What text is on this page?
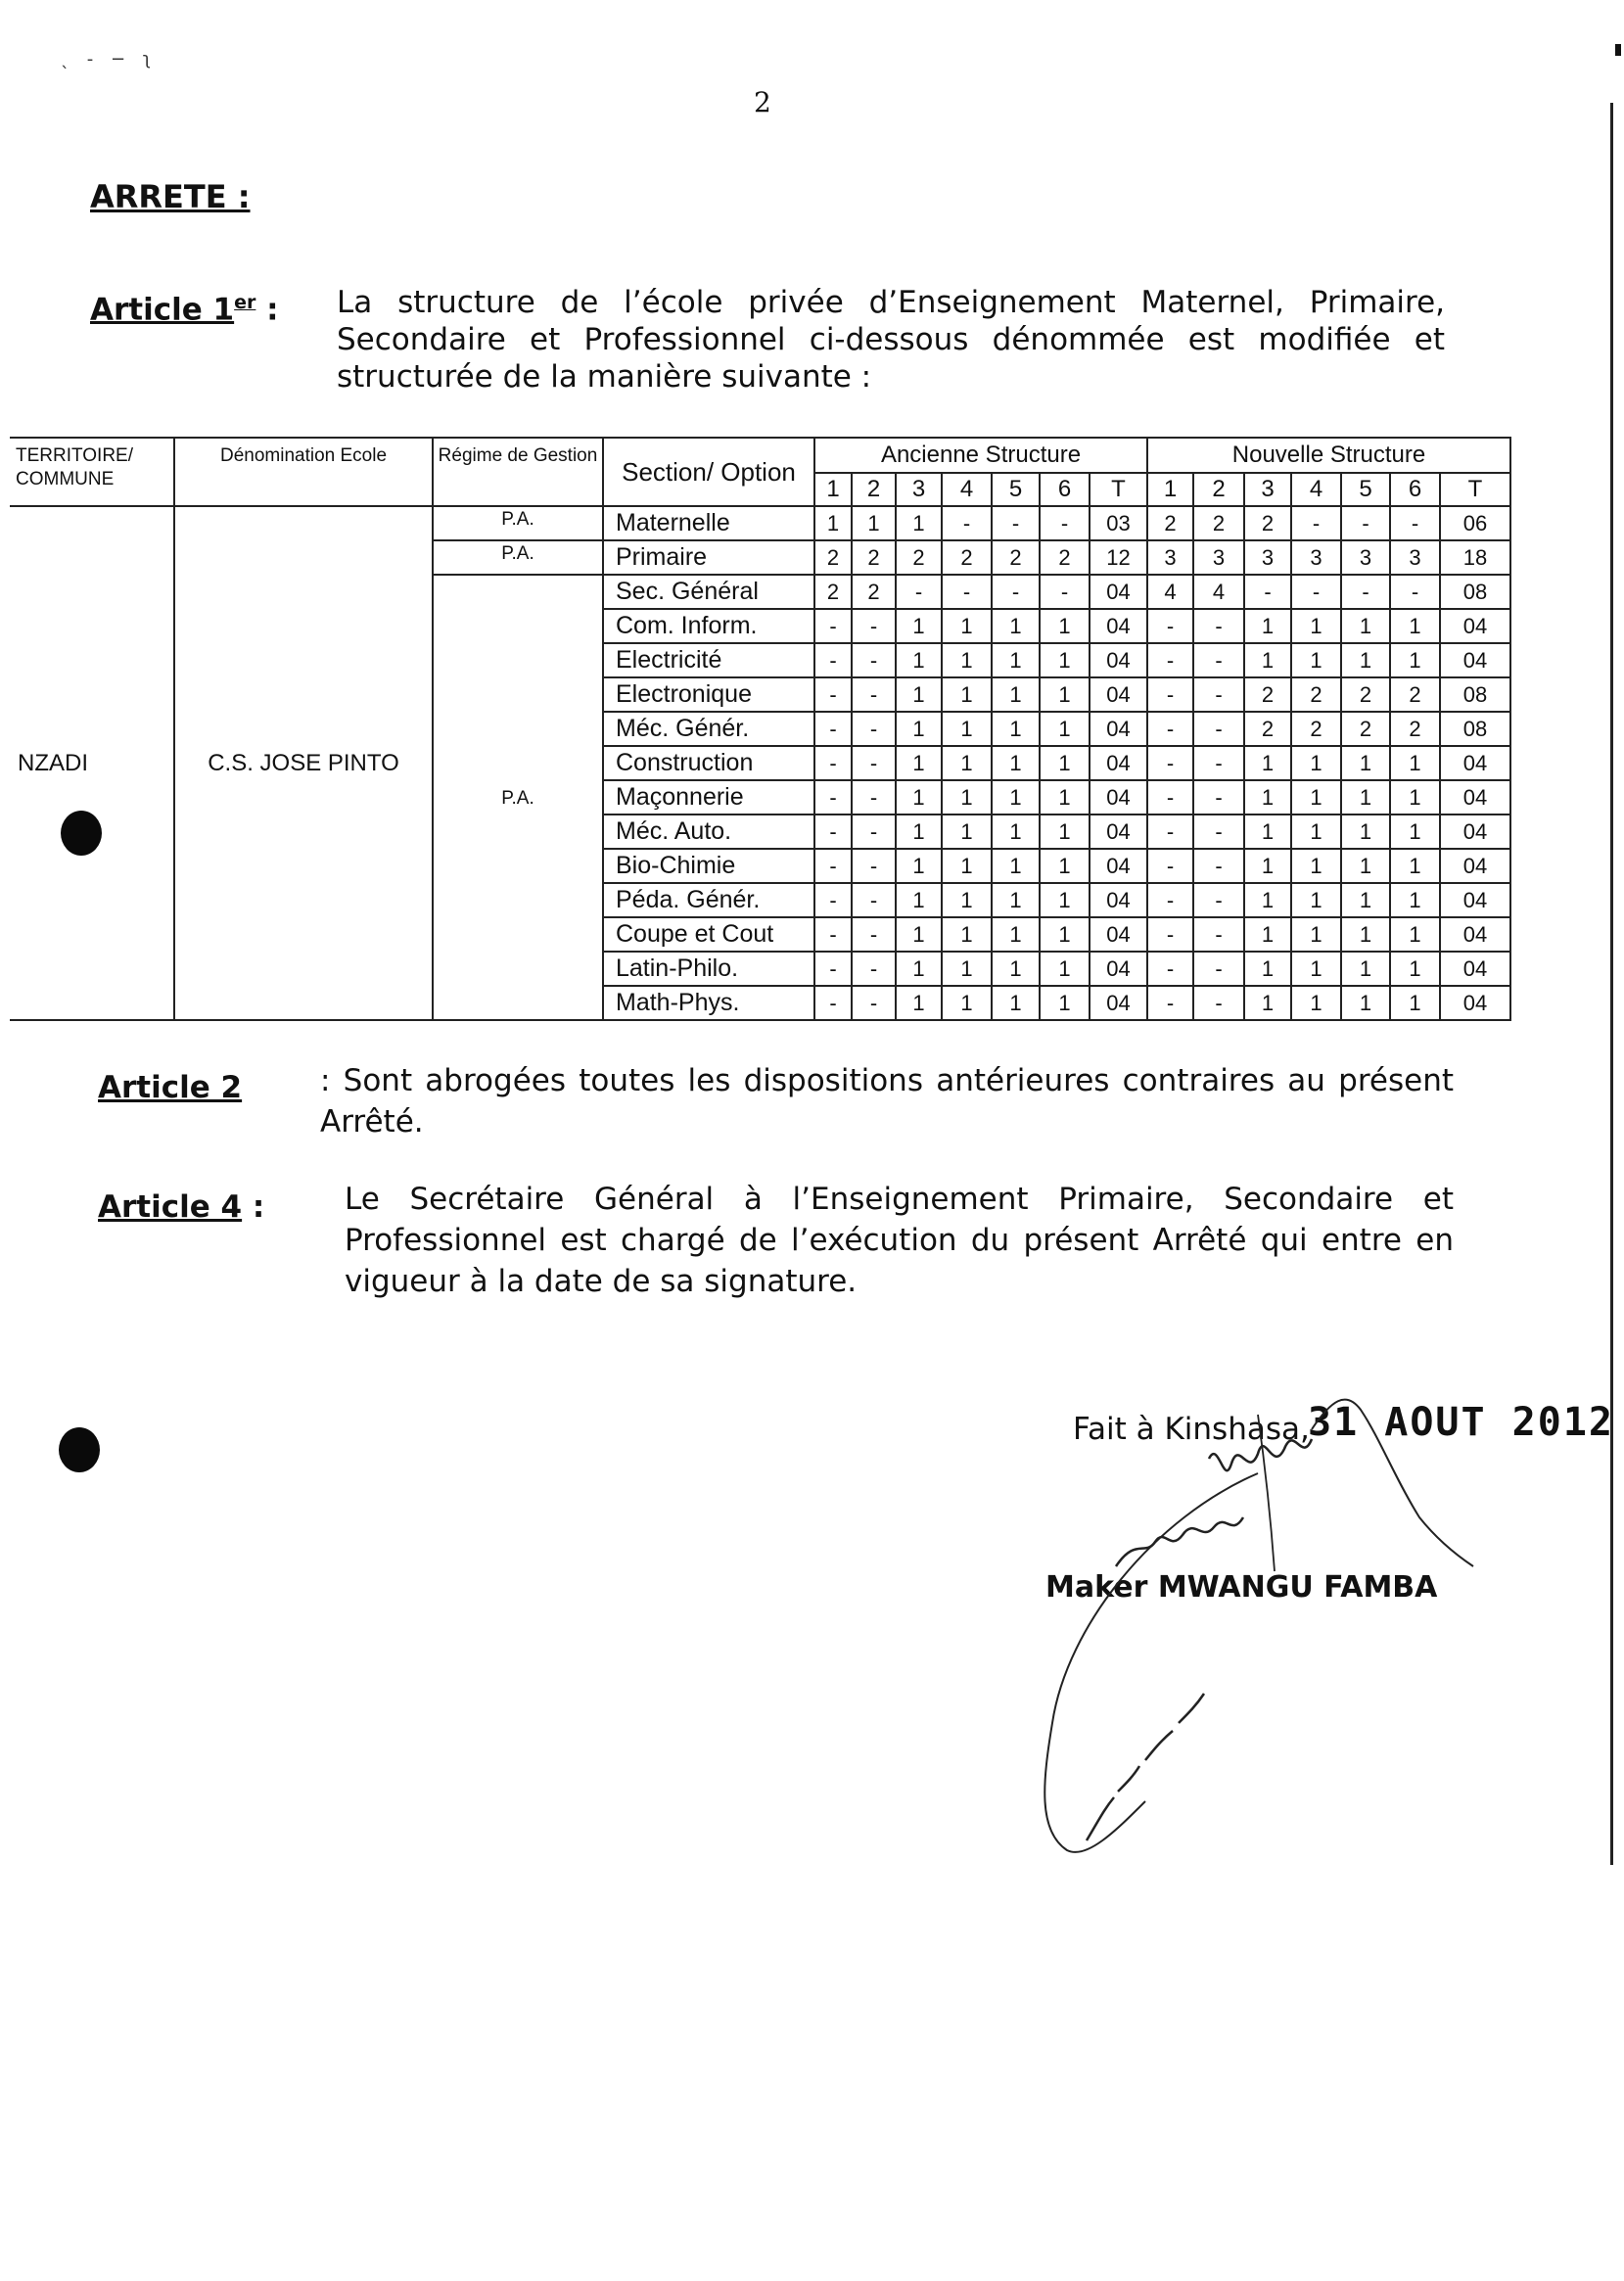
ˎ - − ʅ
2
ARRETE :
Article 1er : La structure de l’école privée d’Enseignement Maternel, Primaire, Secondaire et Professionnel ci-dessous dénommée est modifiée et structurée de la manière suivante :
TERRITOIRE/ COMMUNE	Dénomination Ecole	Régime de Gestion	Section/ Option	Ancienne Structure							Nouvelle Structure						
				1	2	3	4	5	6	T	1	2	3	4	5	6	T
NZADI	C.S. JOSE PINTO	P.A.	Maternelle	1	1	1	-	-	-	03	2	2	2	-	-	-	06
		P.A.	Primaire	2	2	2	2	2	2	12	3	3	3	3	3	3	18
		P.A.	Sec. Général	2	2	-	-	-	-	04	4	4	-	-	-	-	08
			Com. Inform.	-	-	1	1	1	1	04	-	-	1	1	1	1	04
			Electricité	-	-	1	1	1	1	04	-	-	1	1	1	1	04
			Electronique	-	-	1	1	1	1	04	-	-	2	2	2	2	08
			Méc. Génér.	-	-	1	1	1	1	04	-	-	2	2	2	2	08
			Construction	-	-	1	1	1	1	04	-	-	1	1	1	1	04
			Maçonnerie	-	-	1	1	1	1	04	-	-	1	1	1	1	04
			Méc. Auto.	-	-	1	1	1	1	04	-	-	1	1	1	1	04
			Bio-Chimie	-	-	1	1	1	1	04	-	-	1	1	1	1	04
			Péda. Génér.	-	-	1	1	1	1	04	-	-	1	1	1	1	04
			Coupe et Cout	-	-	1	1	1	1	04	-	-	1	1	1	1	04
			Latin-Philo.	-	-	1	1	1	1	04	-	-	1	1	1	1	04
			Math-Phys.	-	-	1	1	1	1	04	-	-	1	1	1	1	04
Article 2	: Sont abrogées toutes les dispositions antérieures contraires au présent Arrêté.
Article 4 :	Le Secrétaire Général à l’Enseignement Primaire, Secondaire et Professionnel est chargé de l’exécution du présent Arrêté qui entre en vigueur à la date de sa signature.
Fait à Kinshasa,
31 AOUT 2012
Maker MWANGU FAMBA
